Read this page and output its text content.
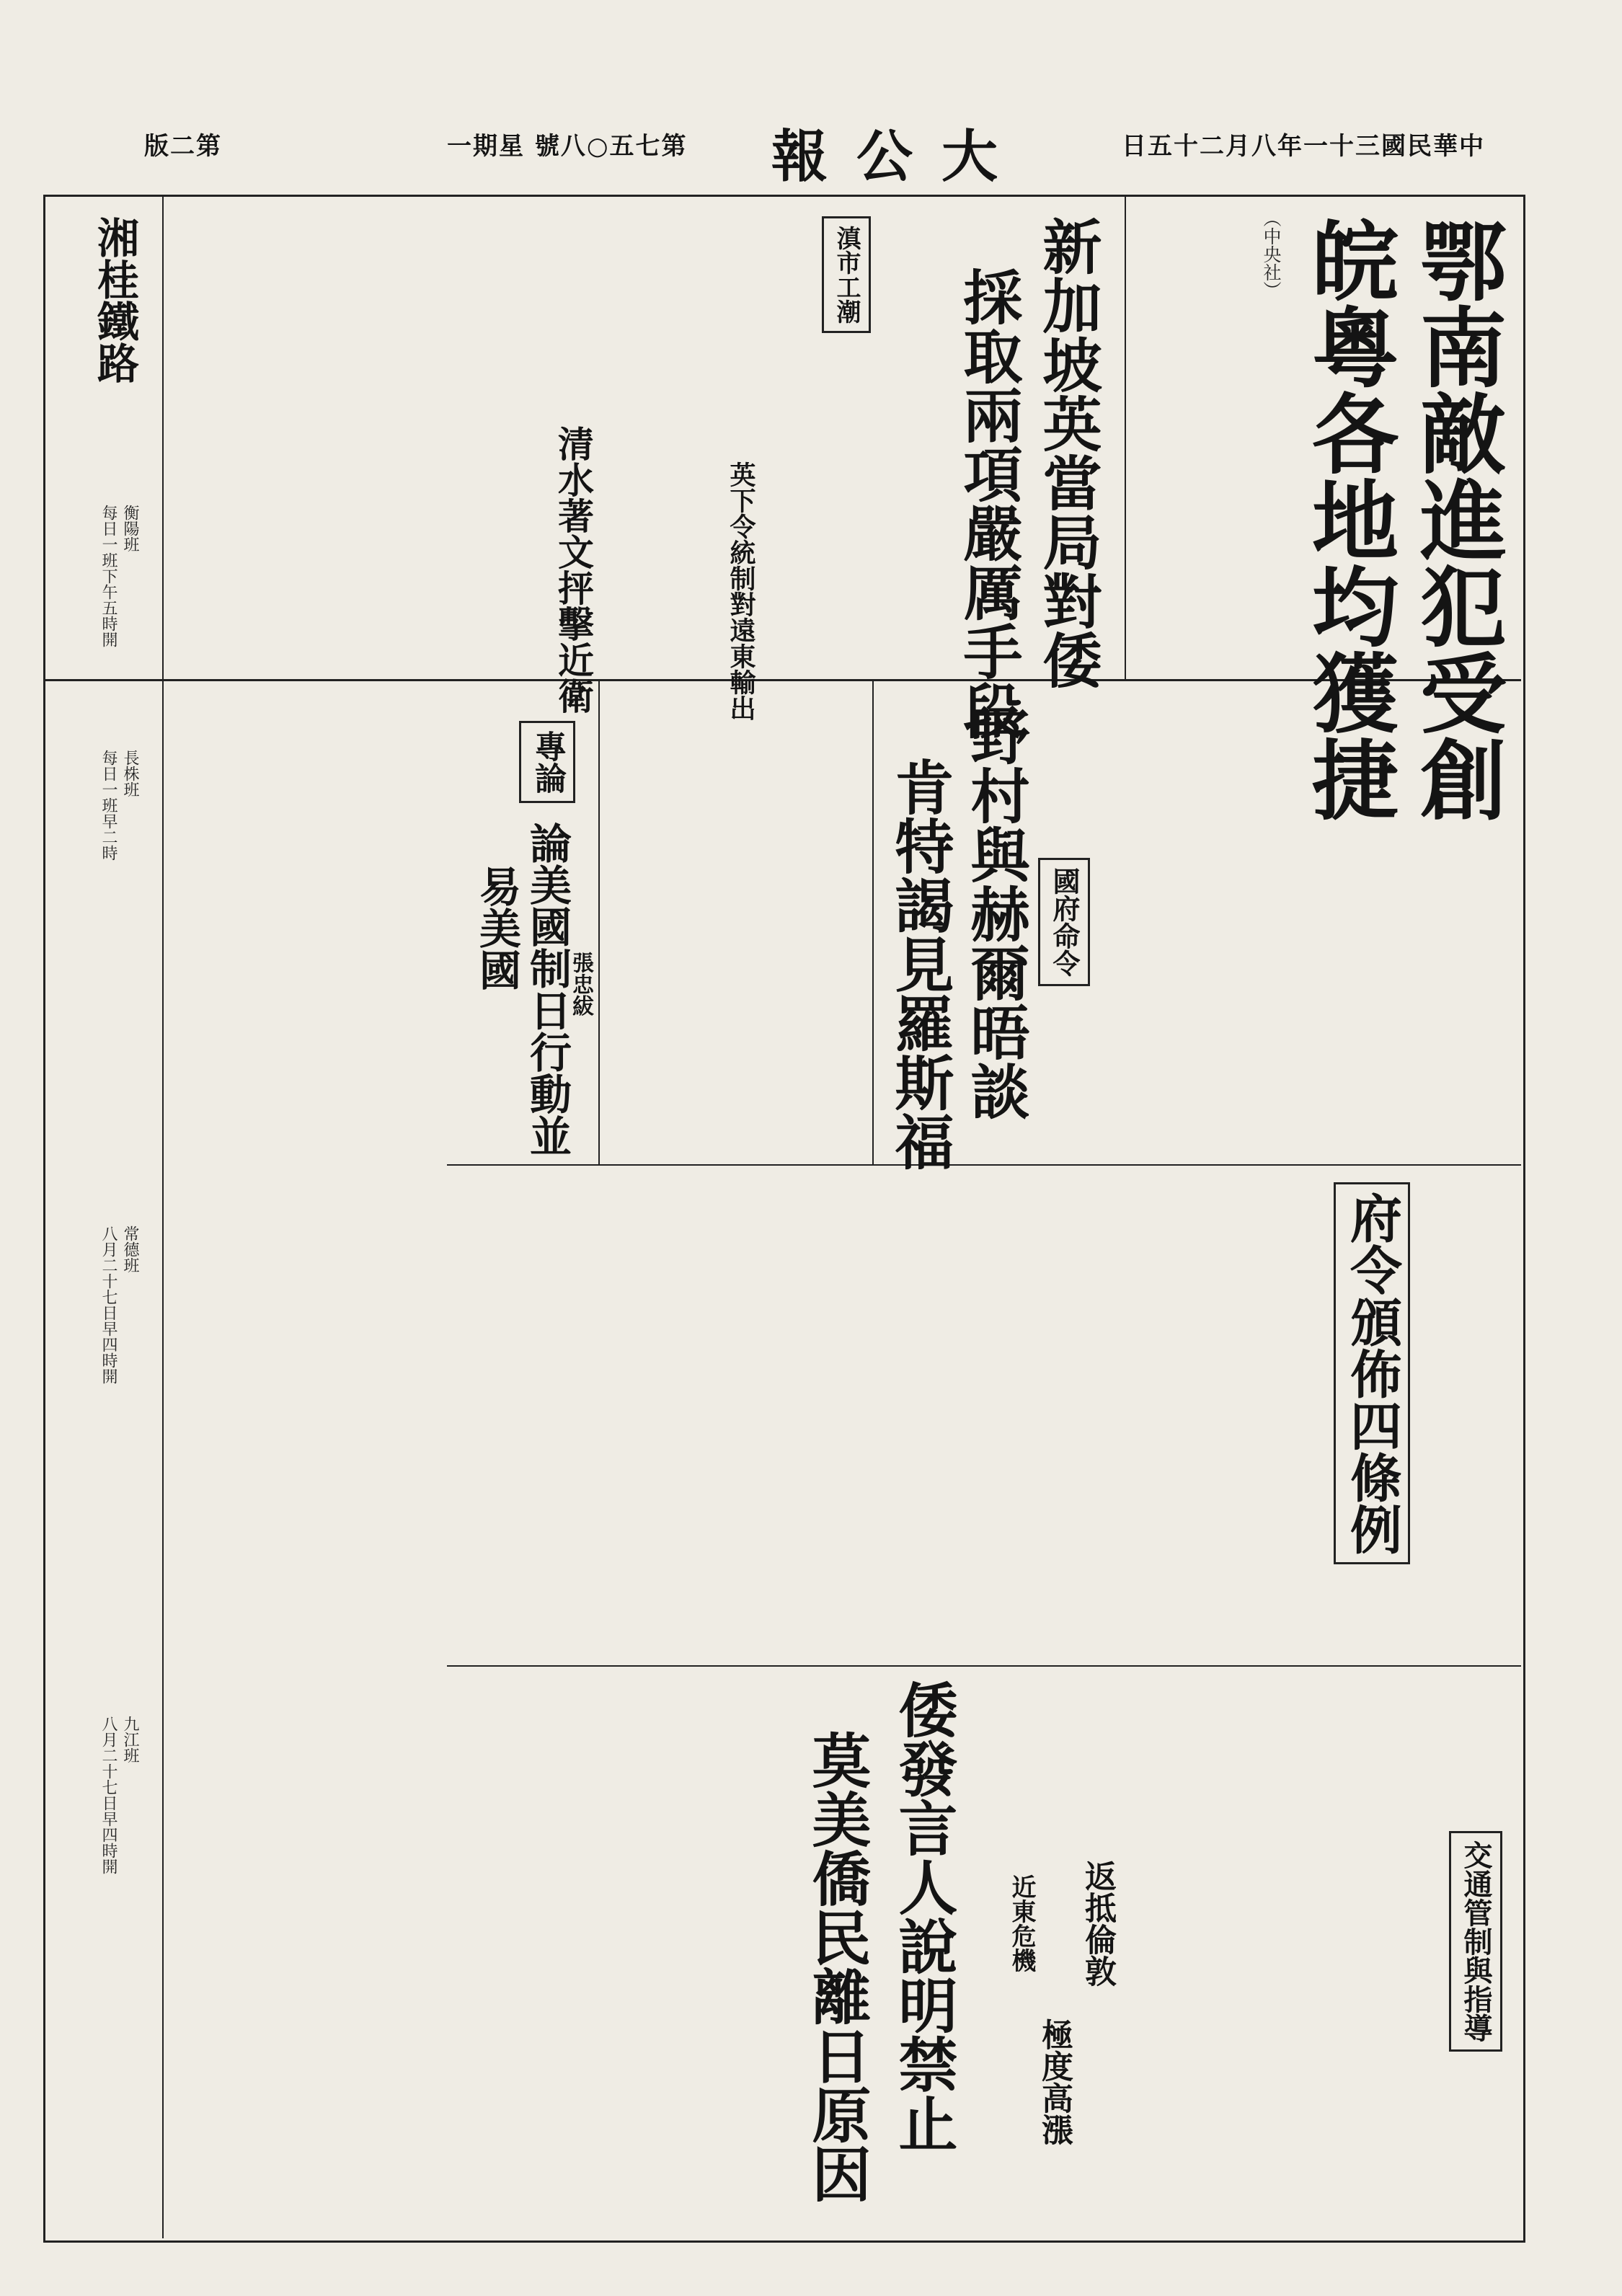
中華民國三十一年八月二十五日
大公報
第七五○八號 星期一
第二版
鄂南敵進犯受創
皖粵各地均獲捷
（中央社）
新加坡英當局對倭
採取兩項嚴厲手段
滇市工潮
英下令統制對遠東輸出
清水著文抨擊近衛
野村與赫爾晤談
肯特謁見羅斯福	國府命令
專論
論美國制日行動並
易美國 張忠紱
府令頒佈四條例
倭發言人說明禁止
莫美僑民離日原因	交通管制與指導
返抵倫敦
極度高漲
近東危機
湘桂鐵路
衡陽班
每日一班下午五時開
長株班
每日一班早二時
常德班
八月二十七日早四時開
九江班
八月二十七日早四時開
